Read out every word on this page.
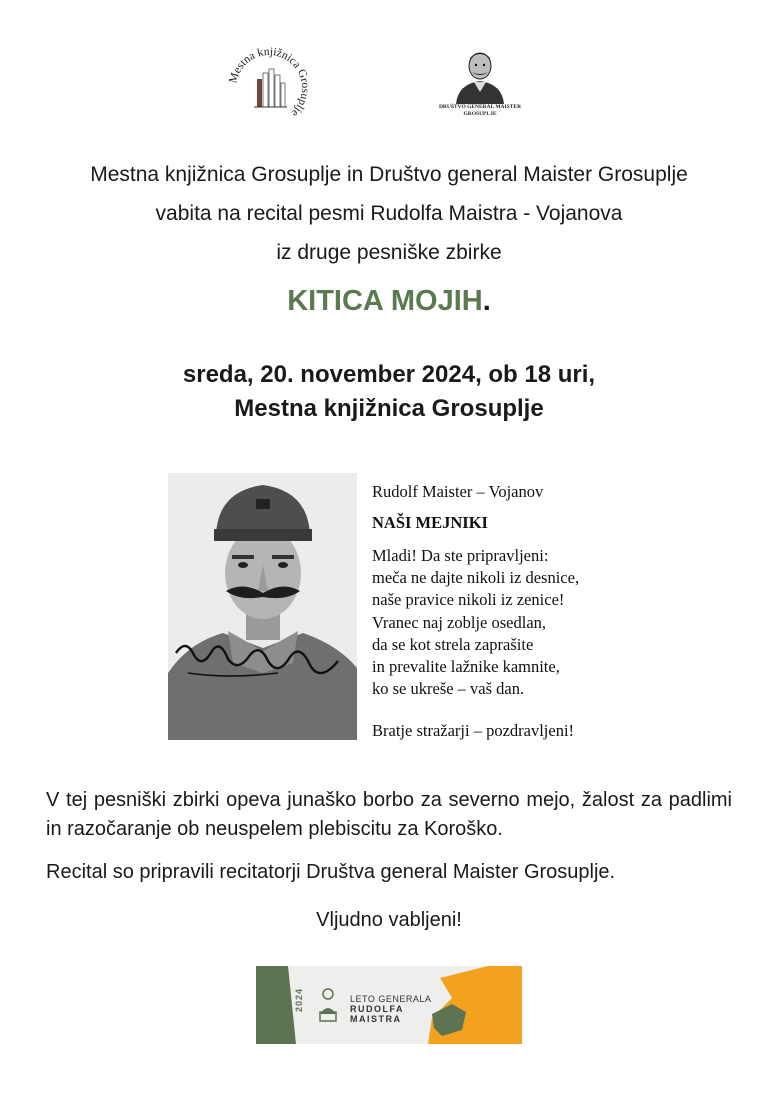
Mestna knjižnica Grosuplje
DRUŠTVO GENERAL MAISTER
GROSUPLJE
Mestna knjižnica Grosuplje in Društvo general Maister Grosuplje
vabita na recital pesmi Rudolfa Maistra - Vojanova
iz druge pesniške zbirke
KITICA MOJIH.
sreda, 20. november 2024, ob 18 uri,
Mestna knjižnica Grosuplje
Rudolf Maister – Vojanov
NAŠI MEJNIKI
Mladi! Da ste pripravljeni:
meča ne dajte nikoli iz desnice,
naše pravice nikoli iz zenice!
Vranec naj zoblje osedlan,
da se kot strela zaprašite
in prevalite lažnike kamnite,
ko se ukreše – vaš dan.
Bratje stražarji – pozdravljeni!
V tej pesniški zbirki opeva junaško borbo za severno mejo, žalost za padlimi in razočaranje ob neuspelem plebiscitu za Koroško.
Recital so pripravili recitatorji Društva general Maister Grosuplje.
Vljudno vabljeni!
2024	LETO GENERALA
RUDOLFA
MAISTRA
